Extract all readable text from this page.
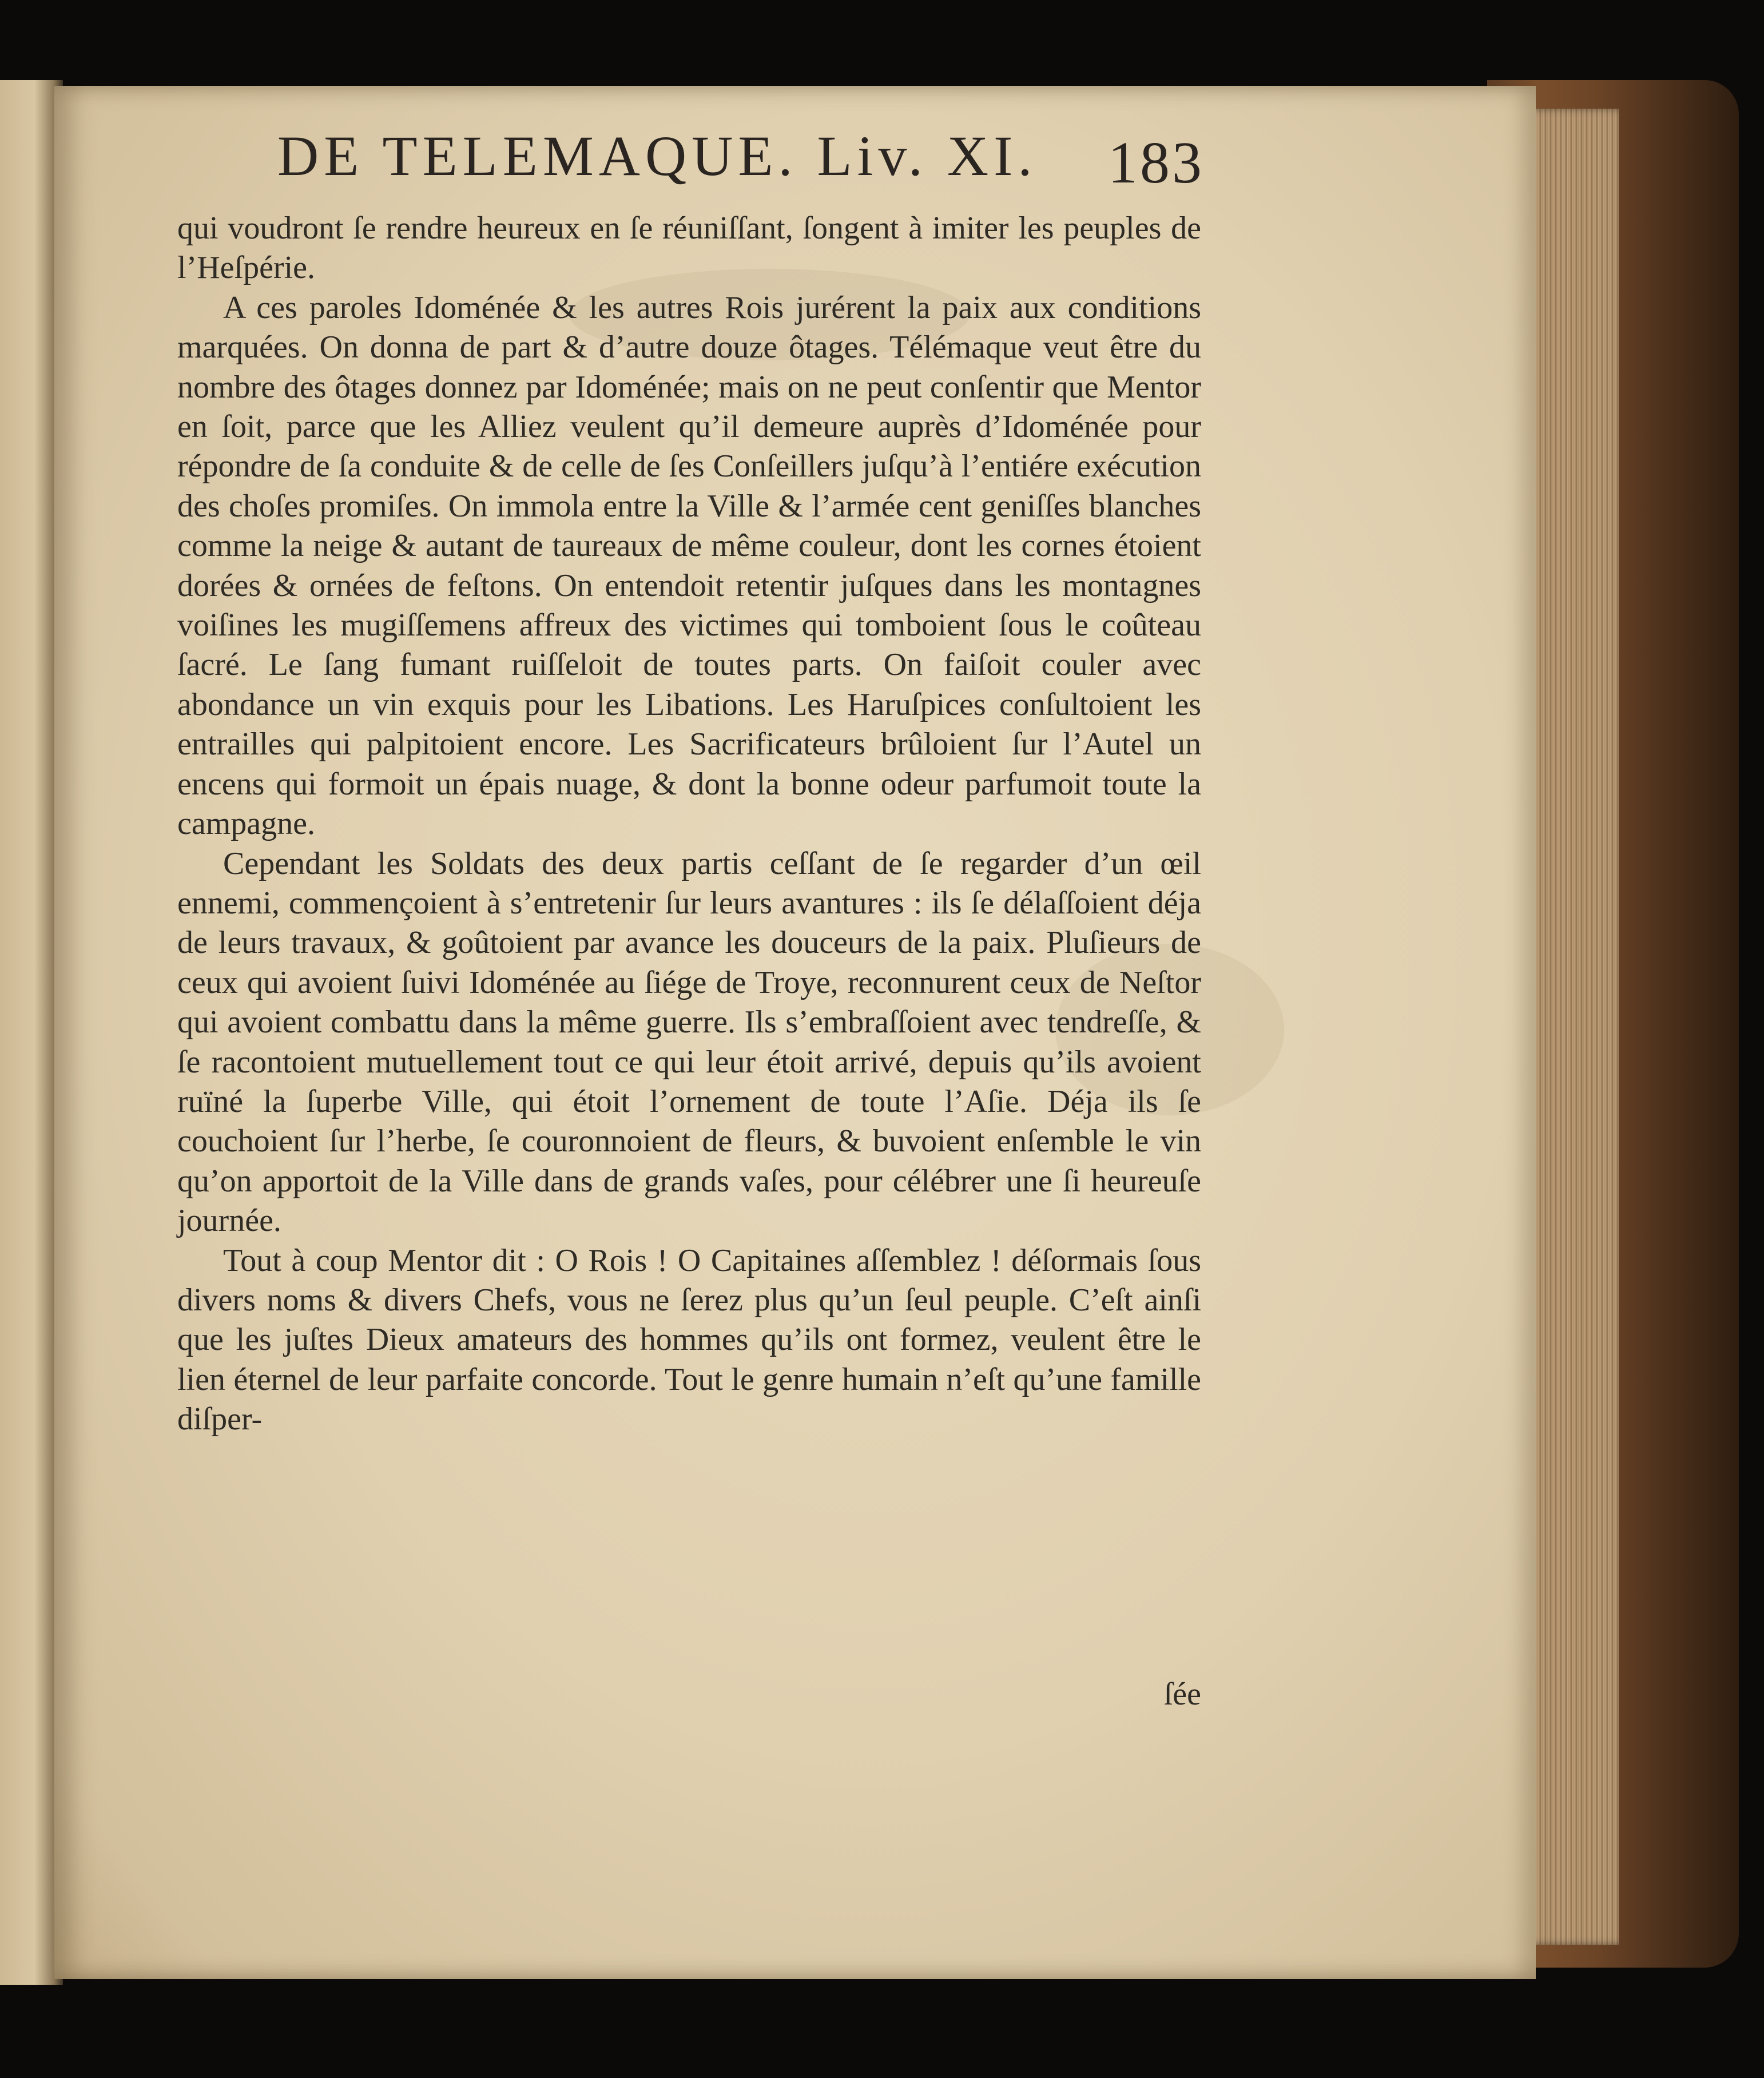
DE TELEMAQUE. Liv. XI. 183

qui voudront ſe rendre heureux en ſe réuniſſant, ſongent à imiter les peuples de l’Heſpérie.

A ces paroles Idoménée & les autres Rois jurérent la paix aux conditions marquées. On donna de part & d’autre douze ôtages. Télémaque veut être du nombre des ôtages donnez par Idoménée; mais on ne peut conſentir que Mentor en ſoit, parce que les Alliez veulent qu’il demeure auprès d’Idoménée pour répondre de ſa conduite & de celle de ſes Conſeillers juſqu’à l’entiére exécution des choſes promiſes. On immola entre la Ville & l’armée cent geniſſes blanches comme la neige & autant de taureaux de même couleur, dont les cornes étoient dorées & ornées de feſtons. On entendoit retentir juſques dans les montagnes voiſines les mugiſſemens affreux des victimes qui tomboient ſous le coûteau ſacré. Le ſang fumant ruiſſeloit de toutes parts. On faiſoit couler avec abondance un vin exquis pour les Libations. Les Haruſpices conſultoient les entrailles qui palpitoient encore. Les Sacrificateurs brûloient ſur l’Autel un encens qui formoit un épais nuage, & dont la bonne odeur parfumoit toute la campagne.

Cependant les Soldats des deux partis ceſſant de ſe regarder d’un œil ennemi, commençoient à s’entretenir ſur leurs avantures : ils ſe délaſſoient déja de leurs travaux, & goûtoient par avance les douceurs de la paix. Pluſieurs de ceux qui avoient ſuivi Idoménée au ſiége de Troye, reconnurent ceux de Neſtor qui avoient combattu dans la même guerre. Ils s’embraſſoient avec tendreſſe, & ſe racontoient mutuellement tout ce qui leur étoit arrivé, depuis qu’ils avoient ruïné la ſuperbe Ville, qui étoit l’ornement de toute l’Aſie. Déja ils ſe couchoient ſur l’herbe, ſe couronnoient de fleurs, & buvoient enſemble le vin qu’on apportoit de la Ville dans de grands vaſes, pour célébrer une ſi heureuſe journée.

Tout à coup Mentor dit : O Rois ! O Capitaines aſſemblez ! déſormais ſous divers noms & divers Chefs, vous ne ſerez plus qu’un ſeul peuple. C’eſt ainſi que les juſtes Dieux amateurs des hommes qu’ils ont formez, veulent être le lien éternel de leur parfaite concorde. Tout le genre humain n’eſt qu’une famille diſper-

ſée
